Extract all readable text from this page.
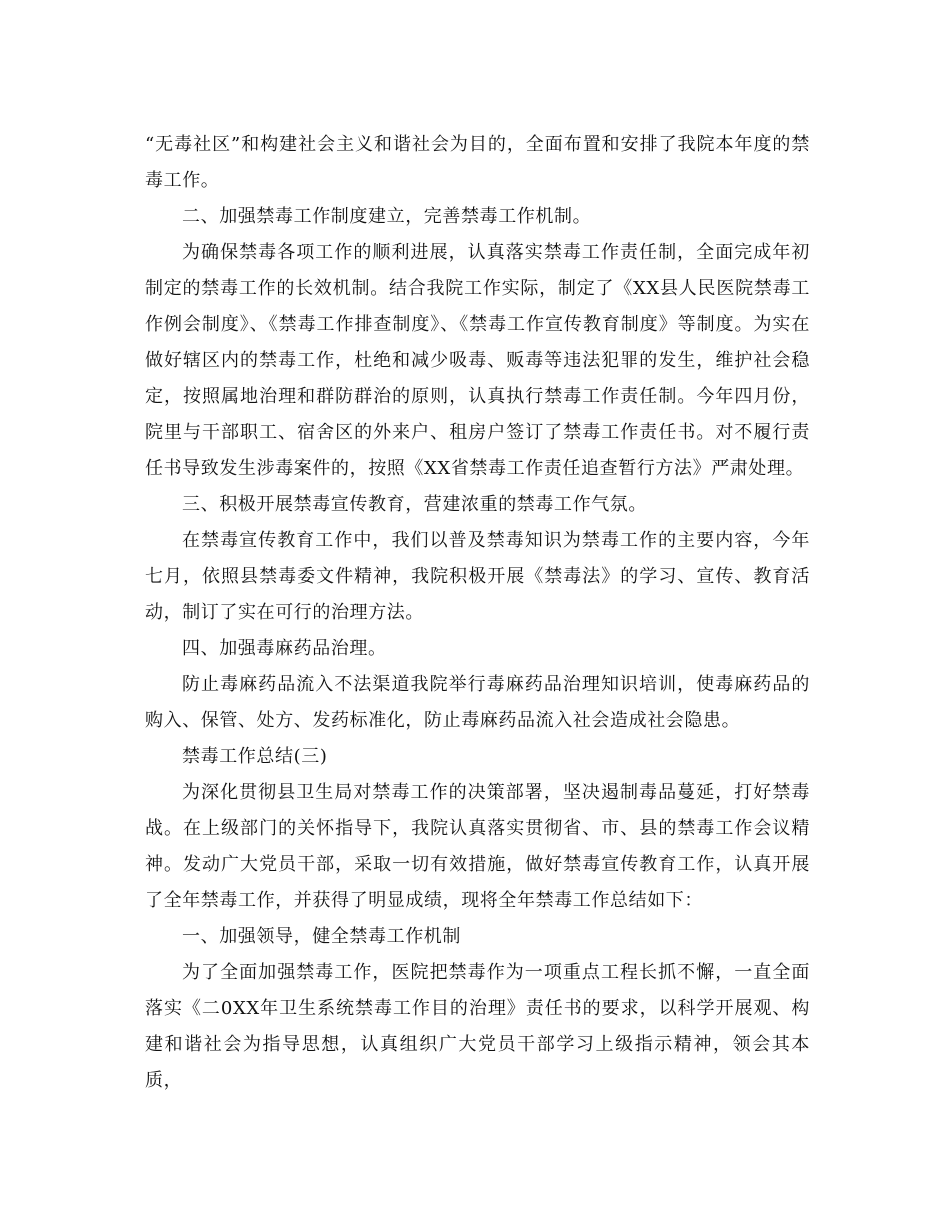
“无毒社区”和构建社会主义和谐社会为目的，全面布置和安排了我院本年度的禁毒工作。

二、加强禁毒工作制度建立，完善禁毒工作机制。

为确保禁毒各项工作的顺利进展，认真落实禁毒工作责任制，全面完成年初制定的禁毒工作的长效机制。结合我院工作实际，制定了《XX县人民医院禁毒工作例会制度》、《禁毒工作排查制度》、《禁毒工作宣传教育制度》等制度。为实在做好辖区内的禁毒工作，杜绝和减少吸毒、贩毒等违法犯罪的发生，维护社会稳定，按照属地治理和群防群治的原则，认真执行禁毒工作责任制。今年四月份，院里与干部职工、宿舍区的外来户、租房户签订了禁毒工作责任书。对不履行责任书导致发生涉毒案件的，按照《XX省禁毒工作责任追查暂行方法》严肃处理。

三、积极开展禁毒宣传教育，营建浓重的禁毒工作气氛。

在禁毒宣传教育工作中，我们以普及禁毒知识为禁毒工作的主要内容，今年七月，依照县禁毒委文件精神，我院积极开展《禁毒法》的学习、宣传、教育活动，制订了实在可行的治理方法。

四、加强毒麻药品治理。

防止毒麻药品流入不法渠道我院举行毒麻药品治理知识培训，使毒麻药品的购入、保管、处方、发药标准化，防止毒麻药品流入社会造成社会隐患。

禁毒工作总结(三)

为深化贯彻县卫生局对禁毒工作的决策部署，坚决遏制毒品蔓延，打好禁毒战。在上级部门的关怀指导下，我院认真落实贯彻省、市、县的禁毒工作会议精神。发动广大党员干部，采取一切有效措施，做好禁毒宣传教育工作，认真开展了全年禁毒工作，并获得了明显成绩，现将全年禁毒工作总结如下：

一、加强领导，健全禁毒工作机制

为了全面加强禁毒工作，医院把禁毒作为一项重点工程长抓不懈，一直全面落实《二0XX年卫生系统禁毒工作目的治理》责任书的要求，以科学开展观、构建和谐社会为指导思想，认真组织广大党员干部学习上级指示精神，领会其本质，
